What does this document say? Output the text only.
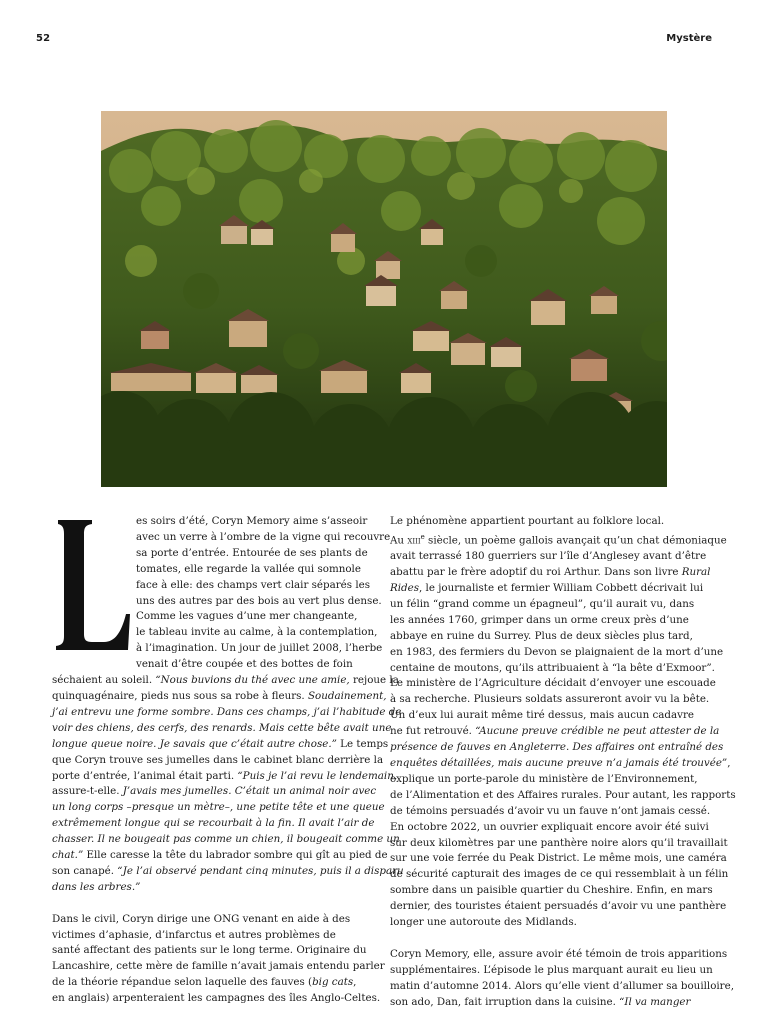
52	Mystère
es soirs d’été, Coryn Memory aime s’asseoir
avec un verre à l’ombre de la vigne qui recouvre
sa porte d’entrée. Entourée de ses plants de
tomates, elle regarde la vallée qui somnole
face à elle: des champs vert clair séparés les
uns des autres par des bois au vert plus dense.
Comme les vagues d’une mer changeante,
le tableau invite au calme, à la contemplation,
à l’imagination. Un jour de juillet 2008, l’herbe
venait d’être coupée et des bottes de foin
séchaient au soleil. “Nous buvions du thé avec une amie, rejoue la
quinquagénaire, pieds nus sous sa robe à fleurs. Soudainement,
j’ai entrevu une forme sombre. Dans ces champs, j’ai l’habitude de
voir des chiens, des cerfs, des renards. Mais cette bête avait une
longue queue noire. Je savais que c’était autre chose.” Le temps
que Coryn trouve ses jumelles dans le cabinet blanc derrière la
porte d’entrée, l’animal était parti. “Puis je l’ai revu le lendemain,
assure-t-elle. J’avais mes jumelles. C’était un animal noir avec
un long corps –presque un mètre–, une petite tête et une queue
extrêmement longue qui se recourbait à la fin. Il avait l’air de
chasser. Il ne bougeait pas comme un chien, il bougeait comme un
chat.” Elle caresse la tête du labrador sombre qui gît au pied de
son canapé. “Je l’ai observé pendant cinq minutes, puis il a disparu
dans les arbres.”
Dans le civil, Coryn dirige une ONG venant en aide à des
victimes d’aphasie, d’infarctus et autres problèmes de
santé affectant des patients sur le long terme. Originaire du
Lancashire, cette mère de famille n’avait jamais entendu parler
de la théorie répandue selon laquelle des fauves (big cats,
en anglais) arpenteraient les campagnes des îles Anglo-Celtes.
Le phénomène appartient pourtant au folklore local.
Au xiii$^e$ siècle, un poème gallois avançait qu’un chat démoniaque
avait terrassé 180 guerriers sur l’île d’Anglesey avant d’être
abattu par le frère adoptif du roi Arthur. Dans son livre Rural
Rides, le journaliste et fermier William Cobbett décrivait lui
un félin “grand comme un épagneul”, qu’il aurait vu, dans
les années 1760, grimper dans un orme creux près d’une
abbaye en ruine du Surrey. Plus de deux siècles plus tard,
en 1983, des fermiers du Devon se plaignaient de la mort d’une
centaine de moutons, qu’ils attribuaient à “la bête d’Exmoor”.
Le ministère de l’Agriculture décidait d’envoyer une escouade
à sa recherche. Plusieurs soldats assureront avoir vu la bête.
Un d’eux lui aurait même tiré dessus, mais aucun cadavre
ne fut retrouvé. “Aucune preuve crédible ne peut attester de la
présence de fauves en Angleterre. Des affaires ont entraîné des
enquêtes détaillées, mais aucune preuve n’a jamais été trouvée”,
explique un porte-parole du ministère de l’Environnement,
de l’Alimentation et des Affaires rurales. Pour autant, les rapports
de témoins persuadés d’avoir vu un fauve n’ont jamais cessé.
En octobre 2022, un ouvrier expliquait encore avoir été suivi
sur deux kilomètres par une panthère noire alors qu’il travaillait
sur une voie ferrée du Peak District. Le même mois, une caméra
de sécurité capturait des images de ce qui ressemblait à un félin
sombre dans un paisible quartier du Cheshire. Enfin, en mars
dernier, des touristes étaient persuadés d’avoir vu une panthère
longer une autoroute des Midlands.
Coryn Memory, elle, assure avoir été témoin de trois apparitions
supplémentaires. L’épisode le plus marquant aurait eu lieu un
matin d’automne 2014. Alors qu’elle vient d’allumer sa bouilloire,
son ado, Dan, fait irruption dans la cuisine. “Il va manger
